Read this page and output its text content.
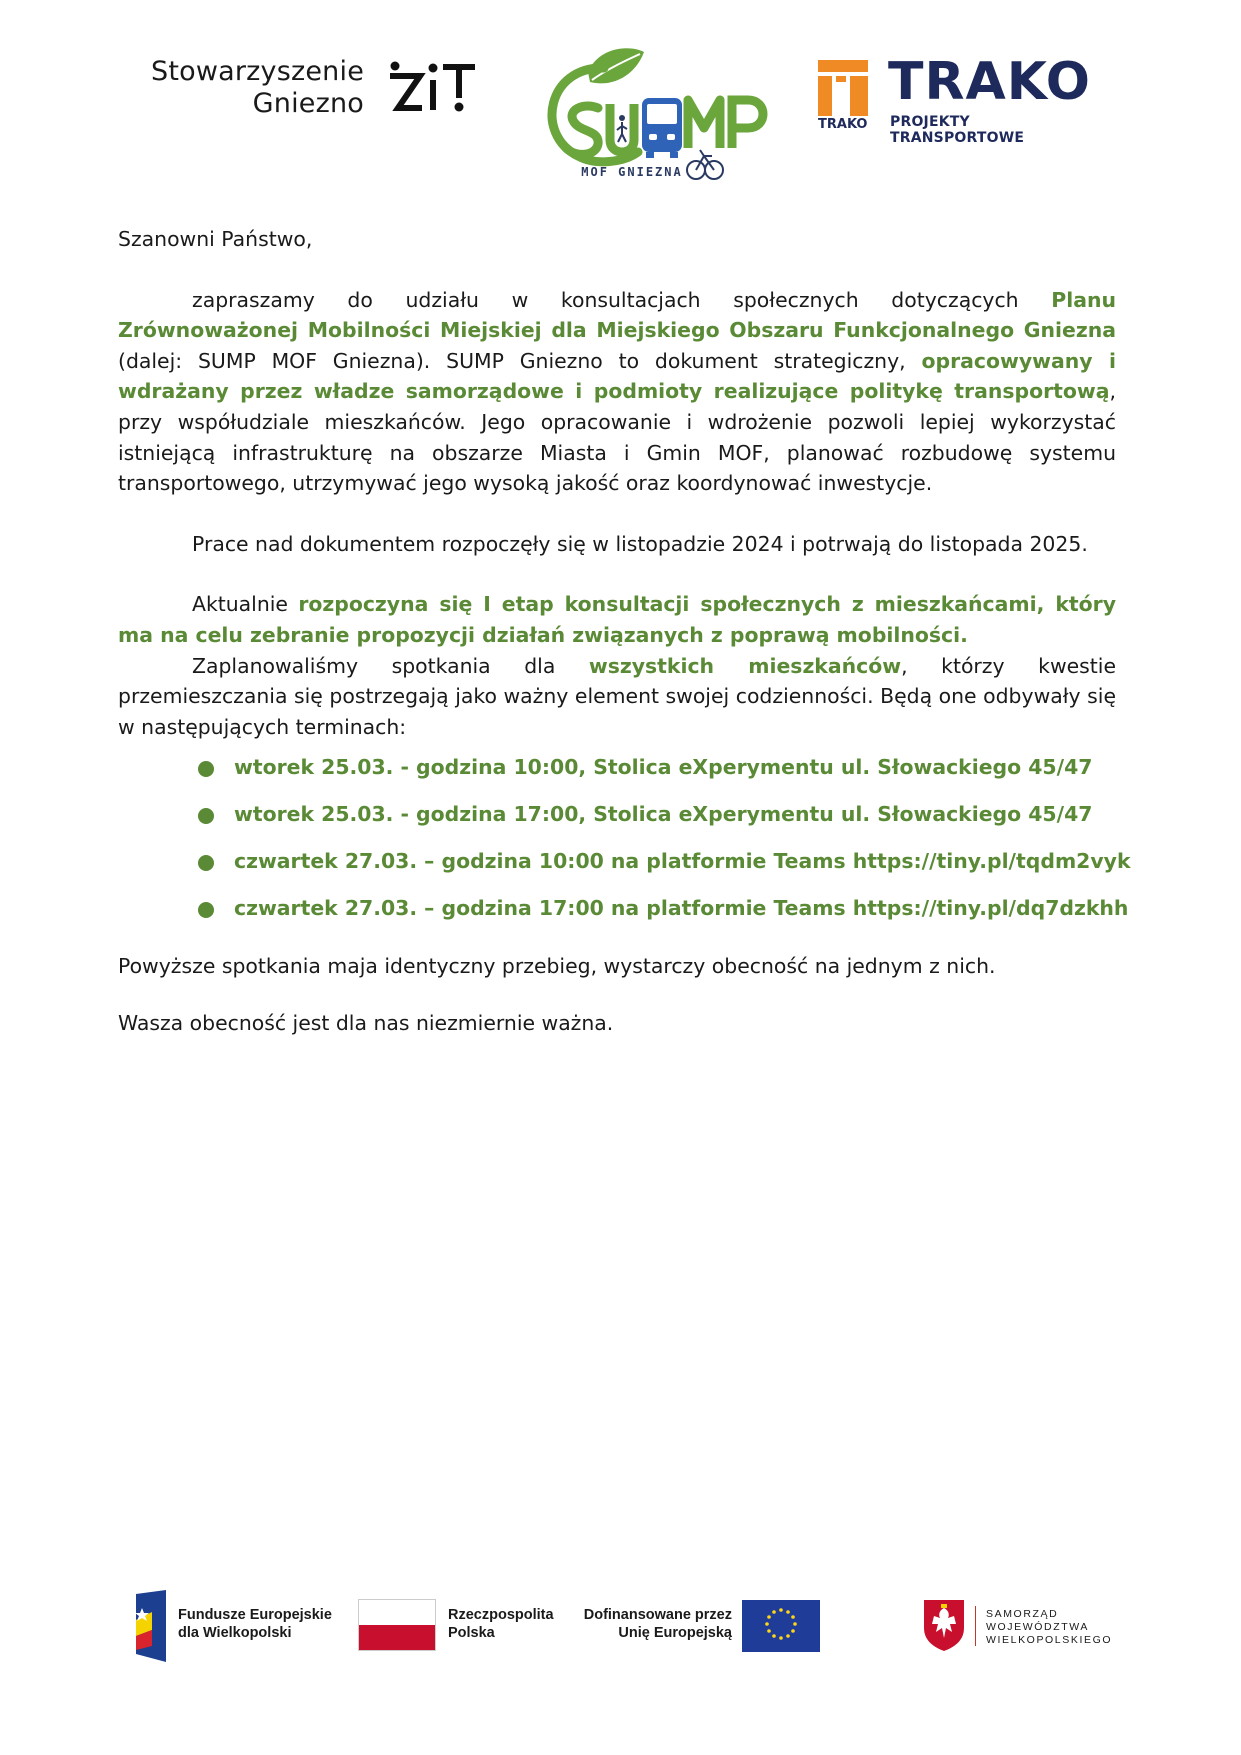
Stowarzyszenie
Gniezno
MOF GNIEZNA
TRAKO
TRAKO
PROJEKTY TRANSPORTOWE

Szanowni Państwo,

zapraszamy do udziału w konsultacjach społecznych dotyczących Planu Zrównoważonej Mobilności Miejskiej dla Miejskiego Obszaru Funkcjonalnego Gniezna (dalej: SUMP MOF Gniezna). SUMP Gniezno to dokument strategiczny, opracowywany i wdrażany przez władze samorządowe i podmioty realizujące politykę transportową, przy współudziale mieszkańców. Jego opracowanie i wdrożenie pozwoli lepiej wykorzystać istniejącą infrastrukturę na obszarze Miasta i Gmin MOF, planować rozbudowę systemu transportowego, utrzymywać jego wysoką jakość oraz koordynować inwestycje.

Prace nad dokumentem rozpoczęły się w listopadzie 2024 i potrwają do listopada 2025.

Aktualnie rozpoczyna się I etap konsultacji społecznych z mieszkańcami, który ma na celu zebranie propozycji działań związanych z poprawą mobilności.

Zaplanowaliśmy spotkania dla wszystkich mieszkańców, którzy kwestie przemieszczania się postrzegają jako ważny element swojej codzienności. Będą one odbywały się w następujących terminach:

wtorek 25.03. - godzina 10:00, Stolica eXperymentu ul. Słowackiego 45/47
wtorek 25.03. - godzina 17:00, Stolica eXperymentu ul. Słowackiego 45/47
czwartek 27.03. – godzina 10:00 na platformie Teams https://tiny.pl/tqdm2vyk
czwartek 27.03. – godzina 17:00 na platformie Teams https://tiny.pl/dq7dzkhh

Powyższe spotkania maja identyczny przebieg, wystarczy obecność na jednym z nich.

Wasza obecność jest dla nas niezmiernie ważna.

Fundusze Europejskie
dla Wielkopolski
Rzeczpospolita
Polska
Dofinansowane przez
Unię Europejską
SAMORZĄD
WOJEWÓDZTWA
WIELKOPOLSKIEGO
